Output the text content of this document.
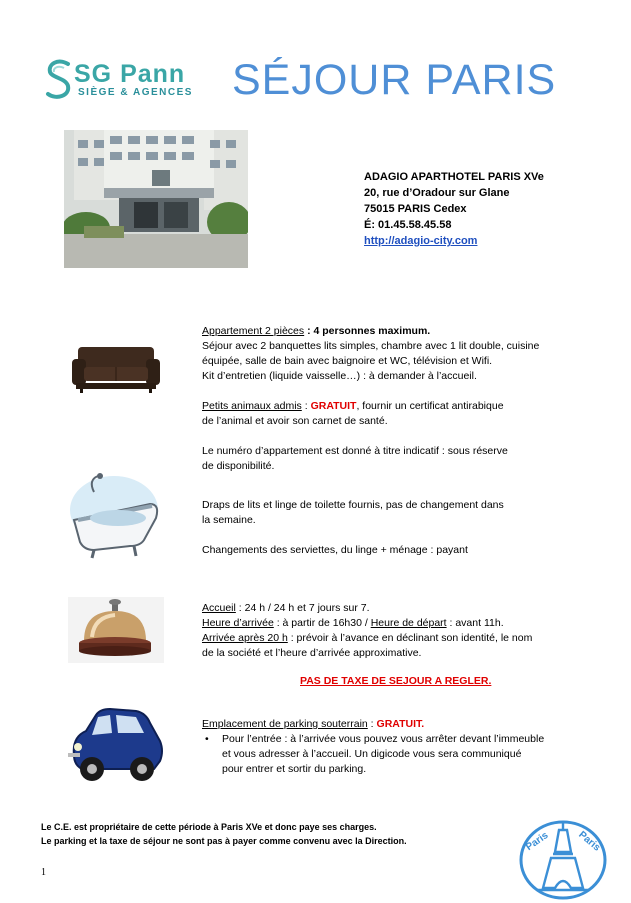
SG Pann
SIÈGE & AGENCES SÉJOUR PARIS
ADAGIO APARTHOTEL PARIS XVe
20, rue d’Oradour sur Glane
75015 PARIS Cedex
É: 01.45.58.45.58
http://adagio-city.com
Appartement 2 pièces : 4 personnes maximum.
Séjour avec 2 banquettes lits simples, chambre avec 1 lit double, cuisine
équipée, salle de bain avec baignoire et WC, télévision et Wifi.
Kit d’entretien (liquide vaisselle…) : à demander à l’accueil.
Petits animaux admis : GRATUIT, fournir un certificat antirabique
de l’animal et avoir son carnet de santé.
Le numéro d’appartement est donné à titre indicatif : sous réserve
de disponibilité.
Draps de lits et linge de toilette fournis, pas de changement dans
la semaine.
Changements des serviettes, du linge + ménage : payant
Accueil : 24 h / 24 h et 7 jours sur 7.
Heure d’arrivée : à partir de 16h30 / Heure de départ : avant 11h.
Arrivée après 20 h : prévoir à l’avance en déclinant son identité, le nom
de la société et l’heure d’arrivée approximative.
PAS DE TAXE DE SEJOUR A REGLER.
Emplacement de parking souterrain : GRATUIT.
• Pour l’entrée : à l’arrivée vous pouvez vous arrêter devant l’immeuble
et vous adresser à l’accueil. Un digicode vous sera communiqué
pour entrer et sortir du parking.
Le C.E. est propriétaire de cette période à Paris XVe et donc paye ses charges.
Le parking et la taxe de séjour ne sont pas à payer comme convenu avec la Direction.
1
Paris	Paris
